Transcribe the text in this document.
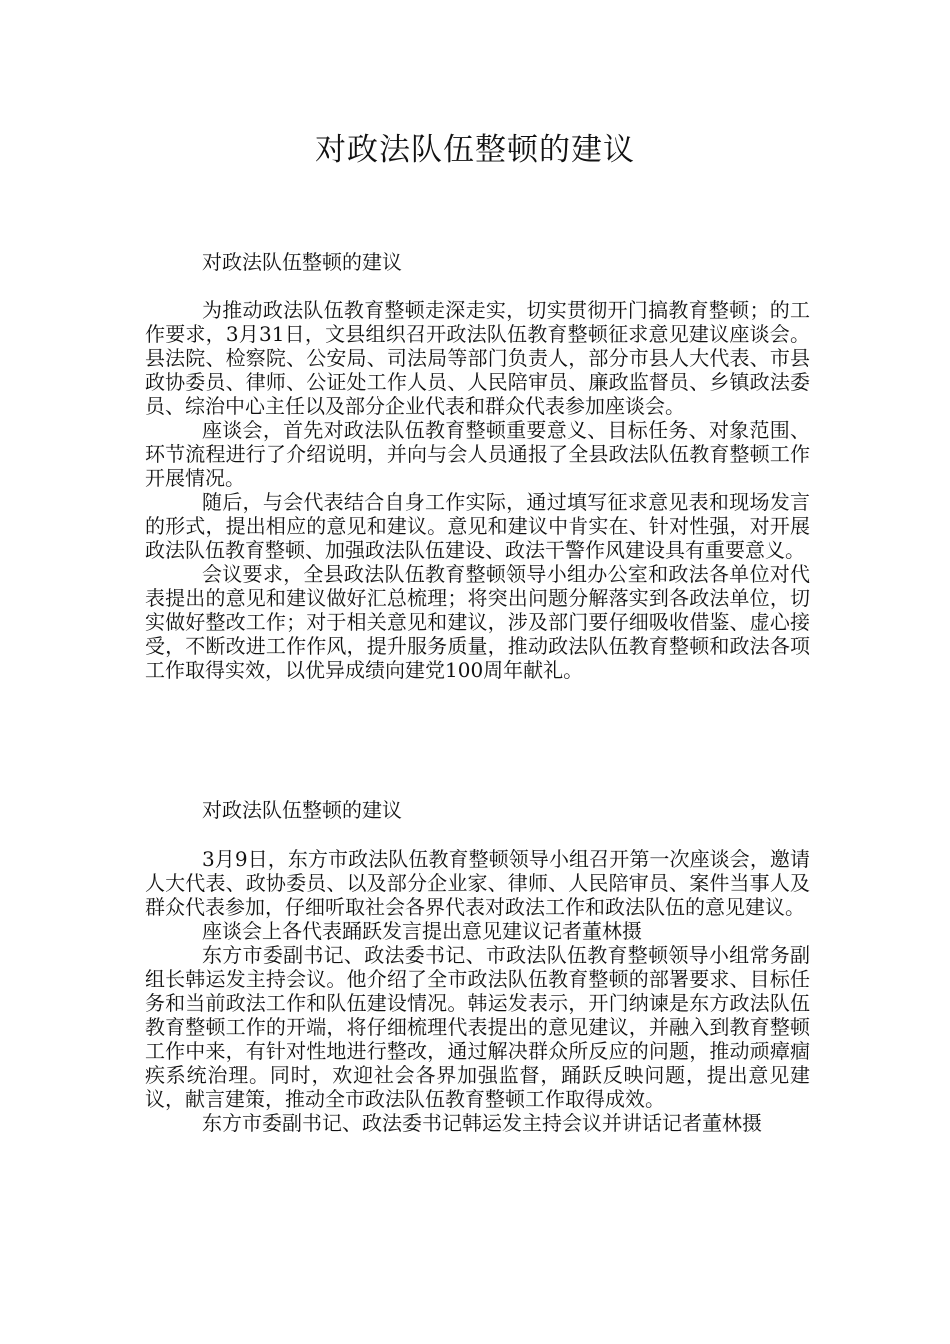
对政法队伍整顿的建议

对政法队伍整顿的建议

为推动政法队伍教育整顿走深走实，切实贯彻开门搞教育整顿；的工作要求，3月31日，文县组织召开政法队伍教育整顿征求意见建议座谈会。县法院、检察院、公安局、司法局等部门负责人，部分市县人大代表、市县政协委员、律师、公证处工作人员、人民陪审员、廉政监督员、乡镇政法委员、综治中心主任以及部分企业代表和群众代表参加座谈会。

座谈会，首先对政法队伍教育整顿重要意义、目标任务、对象范围、环节流程进行了介绍说明，并向与会人员通报了全县政法队伍教育整顿工作开展情况。

随后，与会代表结合自身工作实际，通过填写征求意见表和现场发言的形式，提出相应的意见和建议。意见和建议中肯实在、针对性强，对开展政法队伍教育整顿、加强政法队伍建设、政法干警作风建设具有重要意义。

会议要求，全县政法队伍教育整顿领导小组办公室和政法各单位对代表提出的意见和建议做好汇总梳理；将突出问题分解落实到各政法单位，切实做好整改工作；对于相关意见和建议，涉及部门要仔细吸收借鉴、虚心接受，不断改进工作作风，提升服务质量，推动政法队伍教育整顿和政法各项工作取得实效，以优异成绩向建党100周年献礼。

对政法队伍整顿的建议

3月9日，东方市政法队伍教育整顿领导小组召开第一次座谈会，邀请人大代表、政协委员、以及部分企业家、律师、人民陪审员、案件当事人及群众代表参加，仔细听取社会各界代表对政法工作和政法队伍的意见建议。

座谈会上各代表踊跃发言提出意见建议记者董林摄

东方市委副书记、政法委书记、市政法队伍教育整顿领导小组常务副组长韩运发主持会议。他介绍了全市政法队伍教育整顿的部署要求、目标任务和当前政法工作和队伍建设情况。韩运发表示，开门纳谏是东方政法队伍教育整顿工作的开端，将仔细梳理代表提出的意见建议，并融入到教育整顿工作中来，有针对性地进行整改，通过解决群众所反应的问题，推动顽瘴痼疾系统治理。同时，欢迎社会各界加强监督，踊跃反映问题，提出意见建议，献言建策，推动全市政法队伍教育整顿工作取得成效。

东方市委副书记、政法委书记韩运发主持会议并讲话记者董林摄
